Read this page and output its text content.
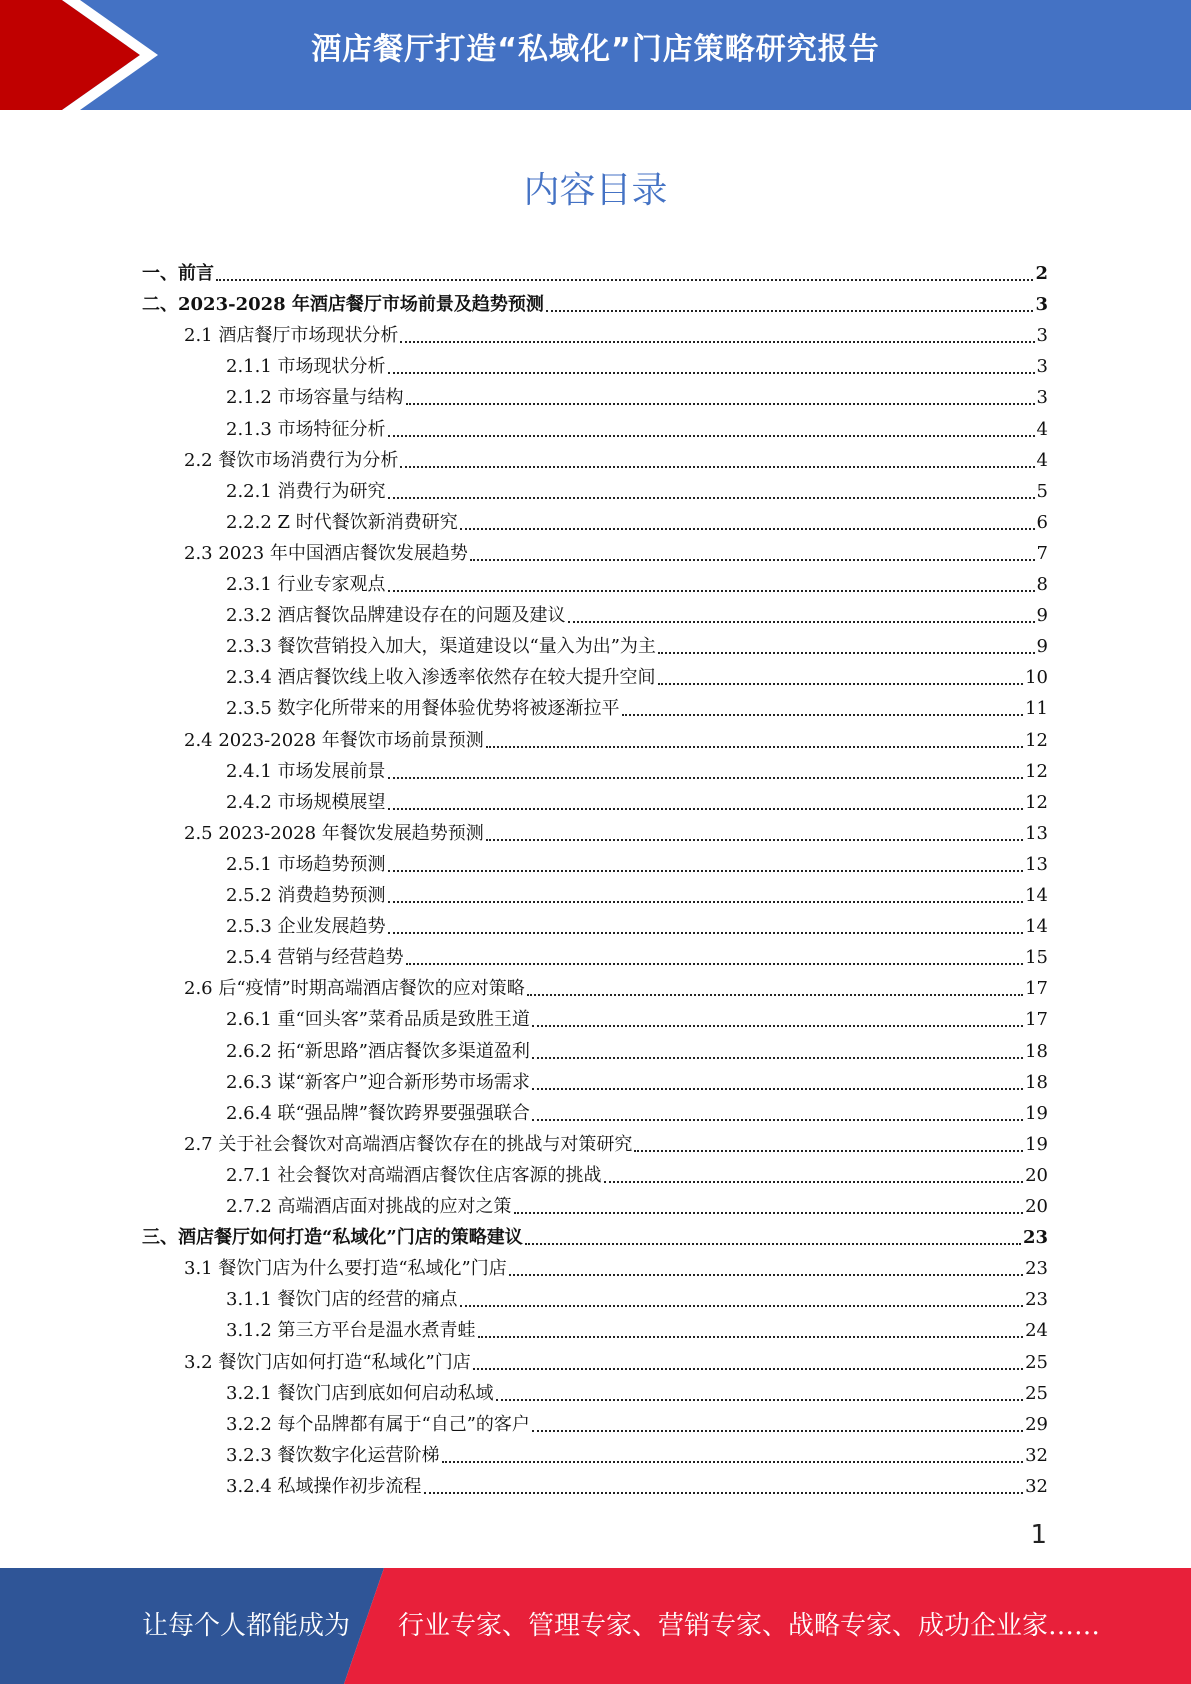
酒店餐厅打造“私域化”门店策略研究报告
内容目录
一、前言	2
二、2023-2028 年酒店餐厅市场前景及趋势预测	3
2.1 酒店餐厅市场现状分析	3
2.1.1 市场现状分析	3
2.1.2 市场容量与结构	3
2.1.3 市场特征分析	4
2.2 餐饮市场消费行为分析	4
2.2.1 消费行为研究	5
2.2.2 Z 时代餐饮新消费研究	6
2.3 2023 年中国酒店餐饮发展趋势	7
2.3.1 行业专家观点	8
2.3.2 酒店餐饮品牌建设存在的问题及建议	9
2.3.3 餐饮营销投入加大，渠道建设以“量入为出”为主	9
2.3.4 酒店餐饮线上收入渗透率依然存在较大提升空间	10
2.3.5 数字化所带来的用餐体验优势将被逐渐拉平	11
2.4 2023-2028 年餐饮市场前景预测	12
2.4.1 市场发展前景	12
2.4.2 市场规模展望	12
2.5 2023-2028 年餐饮发展趋势预测	13
2.5.1 市场趋势预测	13
2.5.2 消费趋势预测	14
2.5.3 企业发展趋势	14
2.5.4 营销与经营趋势	15
2.6 后“疫情”时期高端酒店餐饮的应对策略	17
2.6.1 重“回头客”菜肴品质是致胜王道	17
2.6.2 拓“新思路”酒店餐饮多渠道盈利	18
2.6.3 谋“新客户”迎合新形势市场需求	18
2.6.4 联“强品牌”餐饮跨界要强强联合	19
2.7 关于社会餐饮对高端酒店餐饮存在的挑战与对策研究	19
2.7.1 社会餐饮对高端酒店餐饮住店客源的挑战	20
2.7.2 高端酒店面对挑战的应对之策	20
三、酒店餐厅如何打造“私域化”门店的策略建议	23
3.1 餐饮门店为什么要打造“私域化”门店	23
3.1.1 餐饮门店的经营的痛点	23
3.1.2 第三方平台是温水煮青蛙	24
3.2 餐饮门店如何打造“私域化”门店	25
3.2.1 餐饮门店到底如何启动私域	25
3.2.2 每个品牌都有属于“自己”的客户	29
3.2.3 餐饮数字化运营阶梯	32
3.2.4 私域操作初步流程	32
1
让每个人都能成为 行业专家、管理专家、营销专家、战略专家、成功企业家……
